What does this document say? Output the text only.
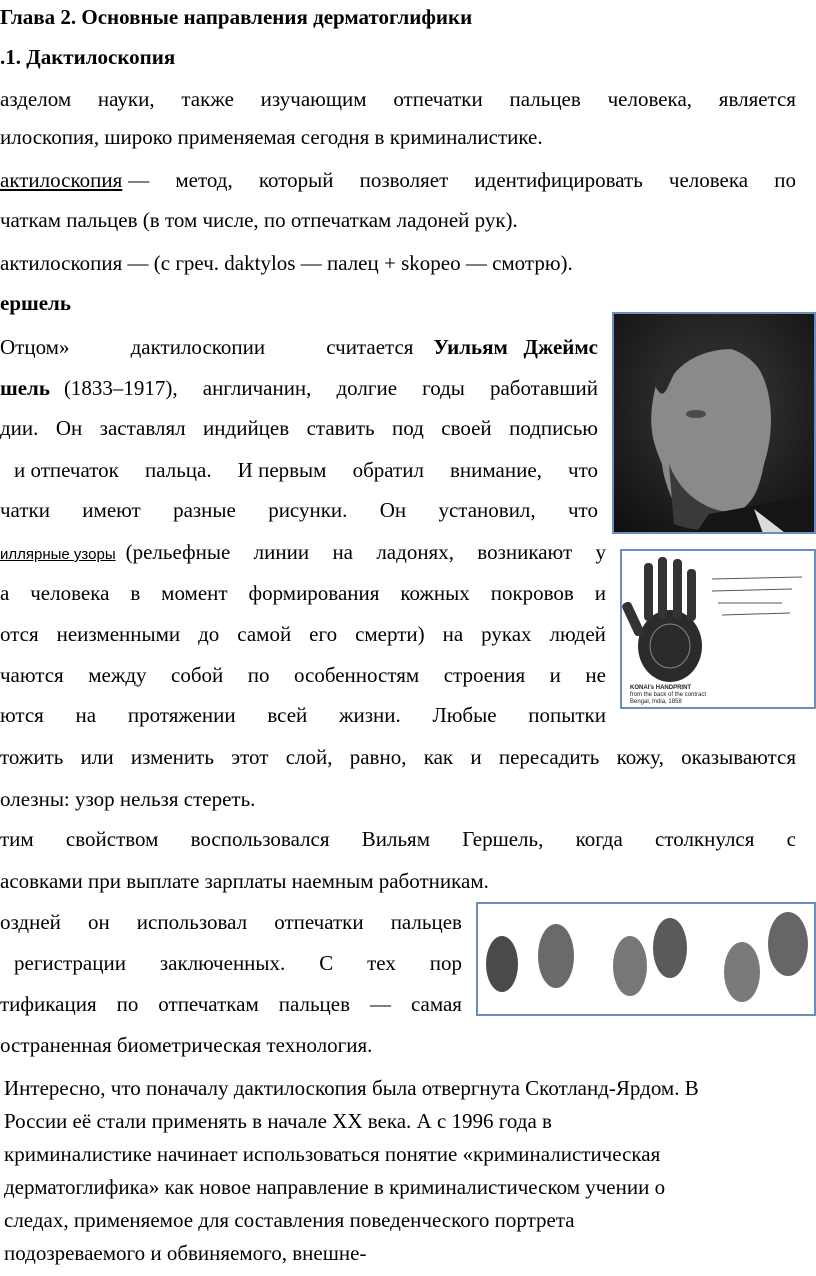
Глава 2. Основные направления дерматоглифики
.1. Дактилоскопия
азделом науки, также изучающим отпечатки пальцев человека, является
илоскопия, широко применяемая сегодня в криминалистике.
актилоскопия — метод, который позволяет идентифицировать человека по
чаткам пальцев (в том числе, по отпечаткам ладоней рук).
актилоскопия — (с греч. daktylos — палец + skopeo — смотрю).
ершель
Отцом»	дактилоскопии	считается Уильям   Джеймс
шель (1833–1917), англичанин, долгие годы работавший
дии. Он заставлял индийцев ставить под своей подписью
и отпечаток пальца. И первым обратил внимание, что
чатки имеют разные рисунки. Он установил, что
иллярные узоры (рельефные линии на ладонях, возникают у
а человека в момент формирования кожных покровов и
отся неизменными до самой его смерти) на руках людей
чаются между собой по особенностям строения и не
ются на протяжении всей жизни. Любые попытки
тожить или изменить этот слой, равно, как и пересадить кожу, оказываются
олезны: узор нельзя стереть.
тим свойством воспользовался Вильям Гершель, когда столкнулся с
асовками при выплате зарплаты наемным работникам.
оздней он использовал отпечатки пальцев
регистрации заключенных. С тех пор
тификация по отпечаткам пальцев — самая
остраненная биометрическая технология.
Интересно, что поначалу дактилоскопия была отвергнута Скотланд-Ярдом. В
России её стали применять в начале XX века. А с 1996 года в
криминалистике начинает использоваться понятие «криминалистическая
дерматоглифика» как новое направление в криминалистическом учении о
следах, применяемое для составления поведенческого портрета
подозреваемого и обвиняемого, внешне-
KONAI's HANDPRINT
from the back of the contract
Bengal, India, 1858
